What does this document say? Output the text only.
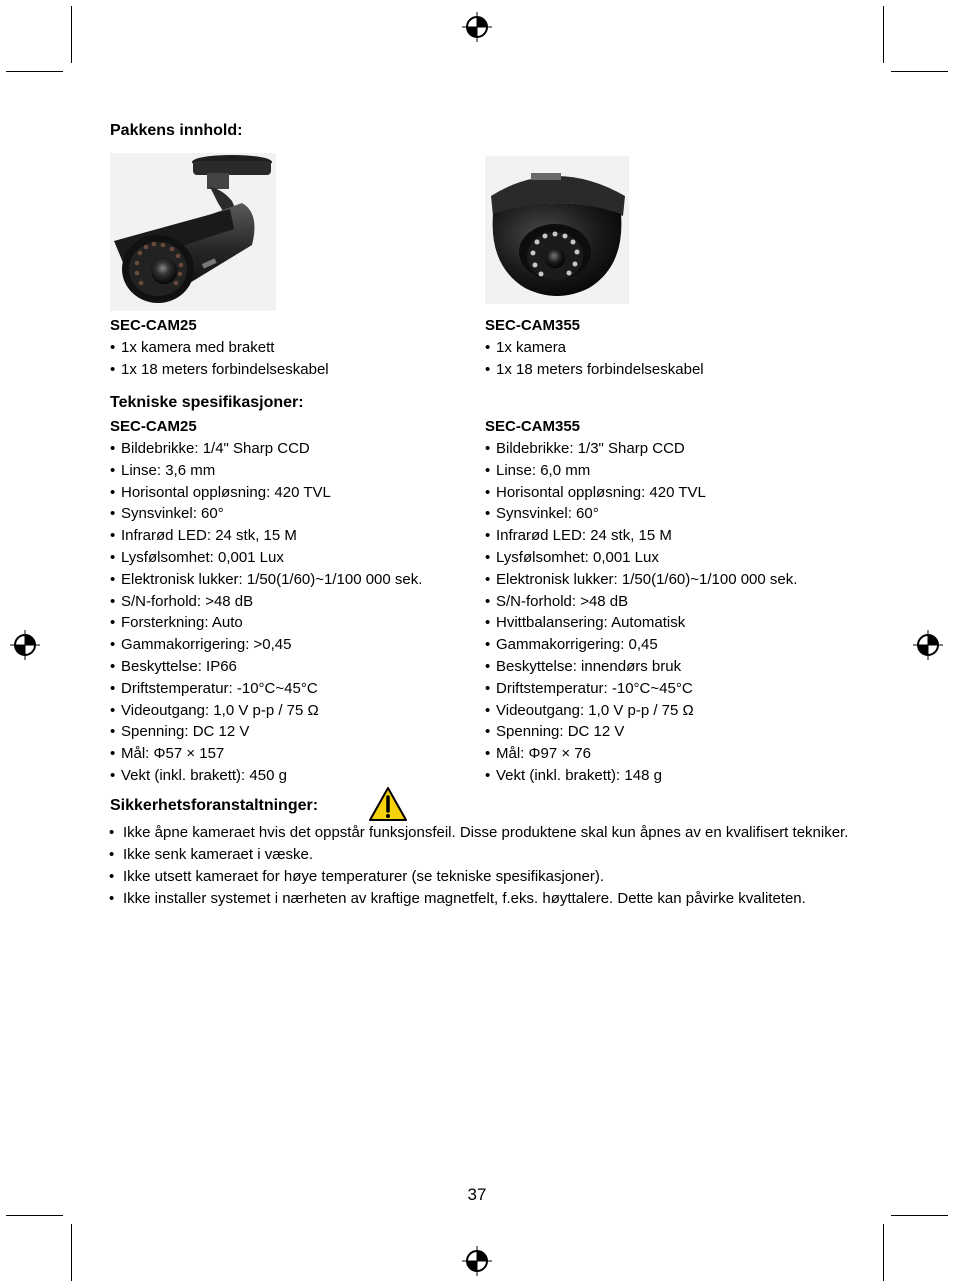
Pakkens innhold:
SEC-CAM25
• 1x kamera med brakett
• 1x 18 meters forbindelseskabel
SEC-CAM355
• 1x kamera
• 1x 18 meters forbindelseskabel
Tekniske spesifikasjoner:
SEC-CAM25
• Bildebrikke: 1/4" Sharp CCD
• Linse: 3,6 mm
• Horisontal oppløsning: 420 TVL
• Synsvinkel: 60°
• Infrarød LED: 24 stk, 15 M
• Lysfølsomhet: 0,001 Lux
• Elektronisk lukker: 1/50(1/60)~1/100 000 sek.
• S/N-forhold: >48 dB
• Forsterkning: Auto
• Gammakorrigering: >0,45
• Beskyttelse: IP66
• Driftstemperatur: -10°C~45°C
• Videoutgang: 1,0 V p-p / 75 Ω
• Spenning: DC 12 V
• Mål: Φ57 × 157
• Vekt (inkl. brakett): 450 g
SEC-CAM355
• Bildebrikke: 1/3" Sharp CCD
• Linse: 6,0 mm
• Horisontal oppløsning: 420 TVL
• Synsvinkel: 60°
• Infrarød LED: 24 stk, 15 M
• Lysfølsomhet: 0,001 Lux
• Elektronisk lukker: 1/50(1/60)~1/100 000 sek.
• S/N-forhold: >48 dB
• Hvittbalansering: Automatisk
• Gammakorrigering: 0,45
• Beskyttelse: innendørs bruk
• Driftstemperatur: -10°C~45°C
• Videoutgang: 1,0 V p-p / 75 Ω
• Spenning: DC 12 V
• Mål: Φ97 × 76
• Vekt (inkl. brakett): 148 g
Sikkerhetsforanstaltninger:
• Ikke åpne kameraet hvis det oppstår funksjonsfeil. Disse produktene skal kun åpnes av en kvalifisert tekniker.
• Ikke senk kameraet i væske.
• Ikke utsett kameraet for høye temperaturer (se tekniske spesifikasjoner).
• Ikke installer systemet i nærheten av kraftige magnetfelt, f.eks. høyttalere. Dette kan påvirke kvaliteten.
37
